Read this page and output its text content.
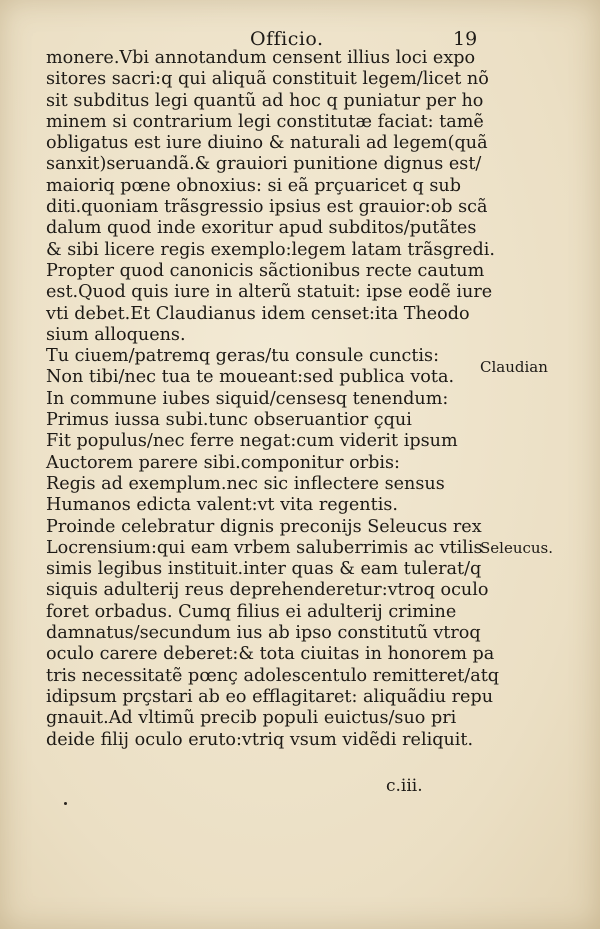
Officio.	19
monere.Vbi annotandum censent illius loci expo
sitores sacri:q qui aliquã constituit legem/licet nõ
sit subditus legi quantũ ad hoc q puniatur per ho
minem si contrarium legi constitutæ faciat: tamẽ
obligatus est iure diuino & naturali ad legem(quã
sanxit)seruandã.& grauiori punitione dignus est/
maioriq pœne obnoxius: si eã prçuaricet q sub
diti.quoniam trãsgressio ipsius est grauior:ob scã
dalum quod inde exoritur apud subditos/putãtes
& sibi licere regis exemplo:legem latam trãsgredi.
Propter quod canonicis sãctionibus recte cautum
est.Quod quis iure in alterũ statuit: ipse eodẽ iure
vti debet.Et Claudianus idem censet:ita Theodo
sium alloquens.
Tu ciuem/patremq geras/tu consule cunctis:
Non tibi/nec tua te moueant:sed publica vota.
In commune iubes siquid/censesq tenendum:
Primus iussa subi.tunc obseruantior çqui
Fit populus/nec ferre negat:cum viderit ipsum
Auctorem parere sibi.componitur orbis:
Regis ad exemplum.nec sic inflectere sensus
Humanos edicta valent:vt vita regentis.
Proinde celebratur dignis preconijs Seleucus rex
Locrensium:qui eam vrbem saluberrimis ac vtilis
simis legibus instituit.inter quas & eam tulerat/q
siquis adulterij reus deprehenderetur:vtroq oculo
foret orbadus. Cumq filius ei adulterij crimine
damnatus/secundum ius ab ipso constitutũ vtroq
oculo carere deberet:& tota ciuitas in honorem pa
tris necessitatẽ pœnç adolescentulo remitteret/atq
idipsum prçstari ab eo efflagitaret: aliquãdiu repu
gnauit.Ad vltimũ precib populi euictus/suo pri
deide filij oculo eruto:vtriq vsum vidẽdi reliquit.
Claudian
Seleucus.
c.iii.
